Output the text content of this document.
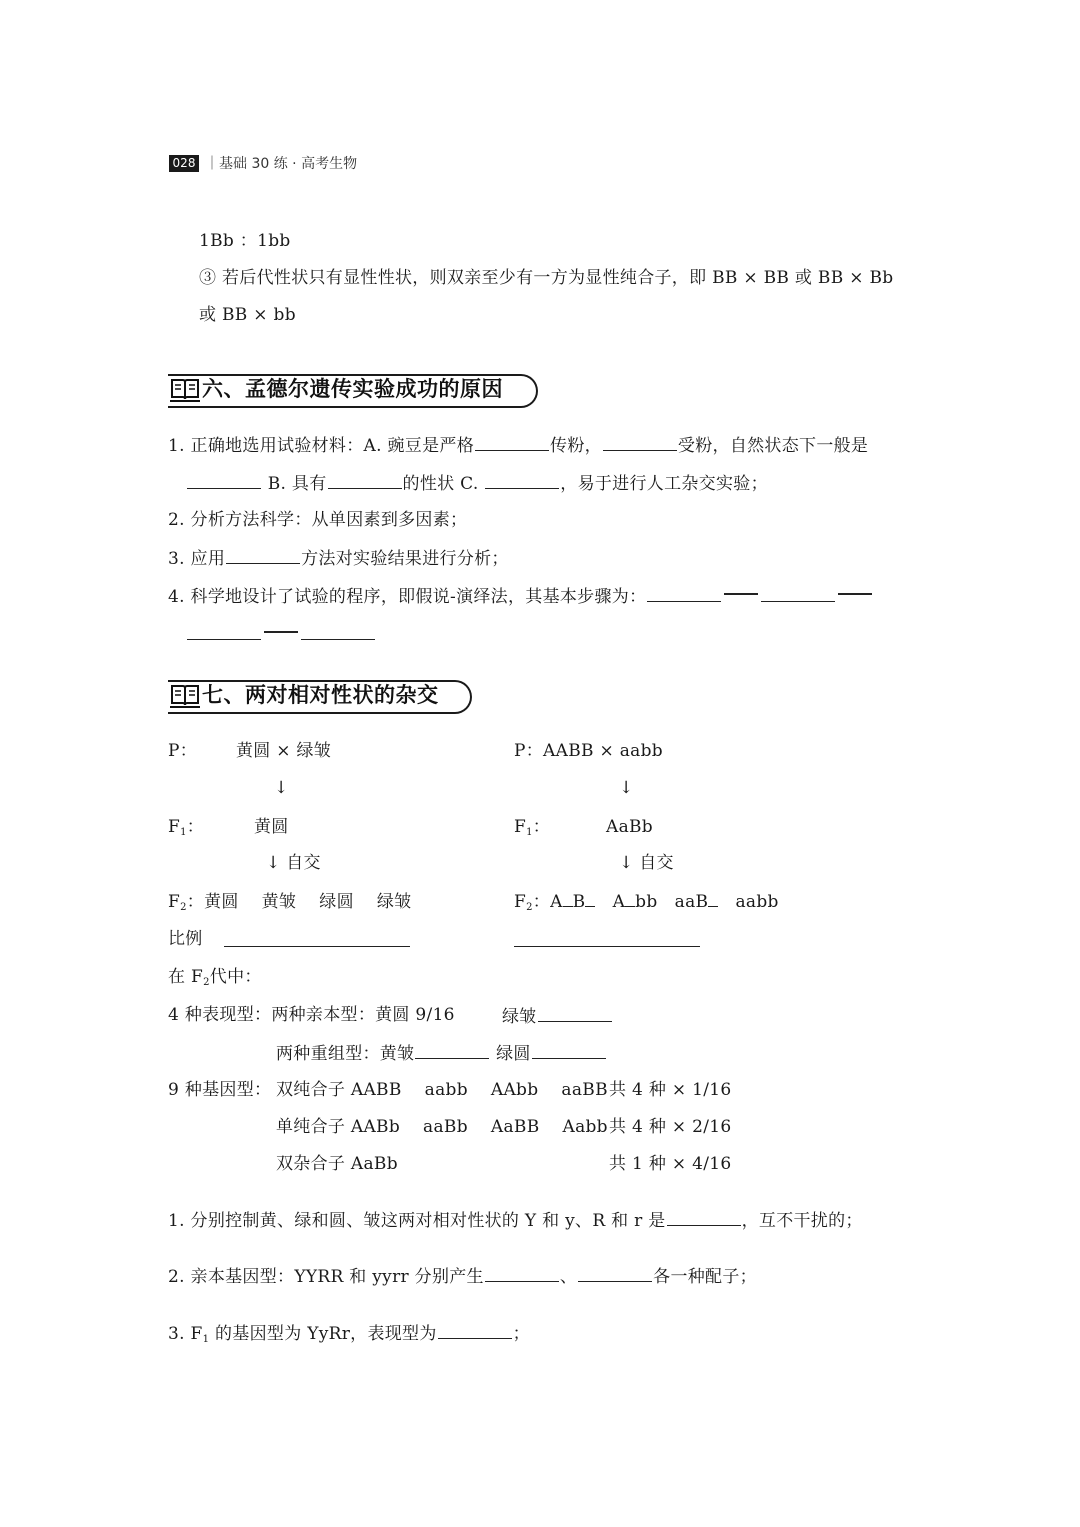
028 ｜基础 30 练 · 高考生物
1Bb ：1bb
③ 若后代性状只有显性性状，则双亲至少有一方为显性纯合子，即 BB × BB 或 BB × Bb
或 BB × bb
六、孟德尔遗传实验成功的原因
1. 正确地选用试验材料：A. 豌豆是严格	传粉，	受粉，自然状态下一般是
B. 具有	的性状 C.	，易于进行人工杂交实验；
2. 分析方法科学：从单因素到多因素；
3. 应用	方法对实验结果进行分析；
4. 科学地设计了试验的程序，即假说-演绎法，其基本步骤为：
七、两对相对性状的杂交
P： 黄圆 × 绿皱
↓
$F_1$：	黄圆
↓ 自交
$F_2$：黄圆　 黄皱　 绿圆　 绿皱
比例
P：AABB × aabb
↓
$F_1$：	AaBb
↓ 自交
$F_2$：A B A bb aaB aabb
在 $F_2$代中：
4 种表现型：两种亲本型：黄圆 9/16	绿皱
两种重组型：黄皱	绿圆
9 种基因型： 双纯合子 AABB　 aabb　 AAbb　 aaBB 共 4 种 × 1/16
单纯合子 AABb　 aaBb　 AaBB　 Aabb 共 4 种 × 2/16
双杂合子 AaBb	共 1 种 × 4/16
1. 分别控制黄、绿和圆、皱这两对相对性状的 Y 和 y、R 和 r 是	，互不干扰的；
2. 亲本基因型：YYRR 和 yyrr 分别产生	、	各一种配子；
3. $F_1$ 的基因型为 YyRr，表现型为	；
